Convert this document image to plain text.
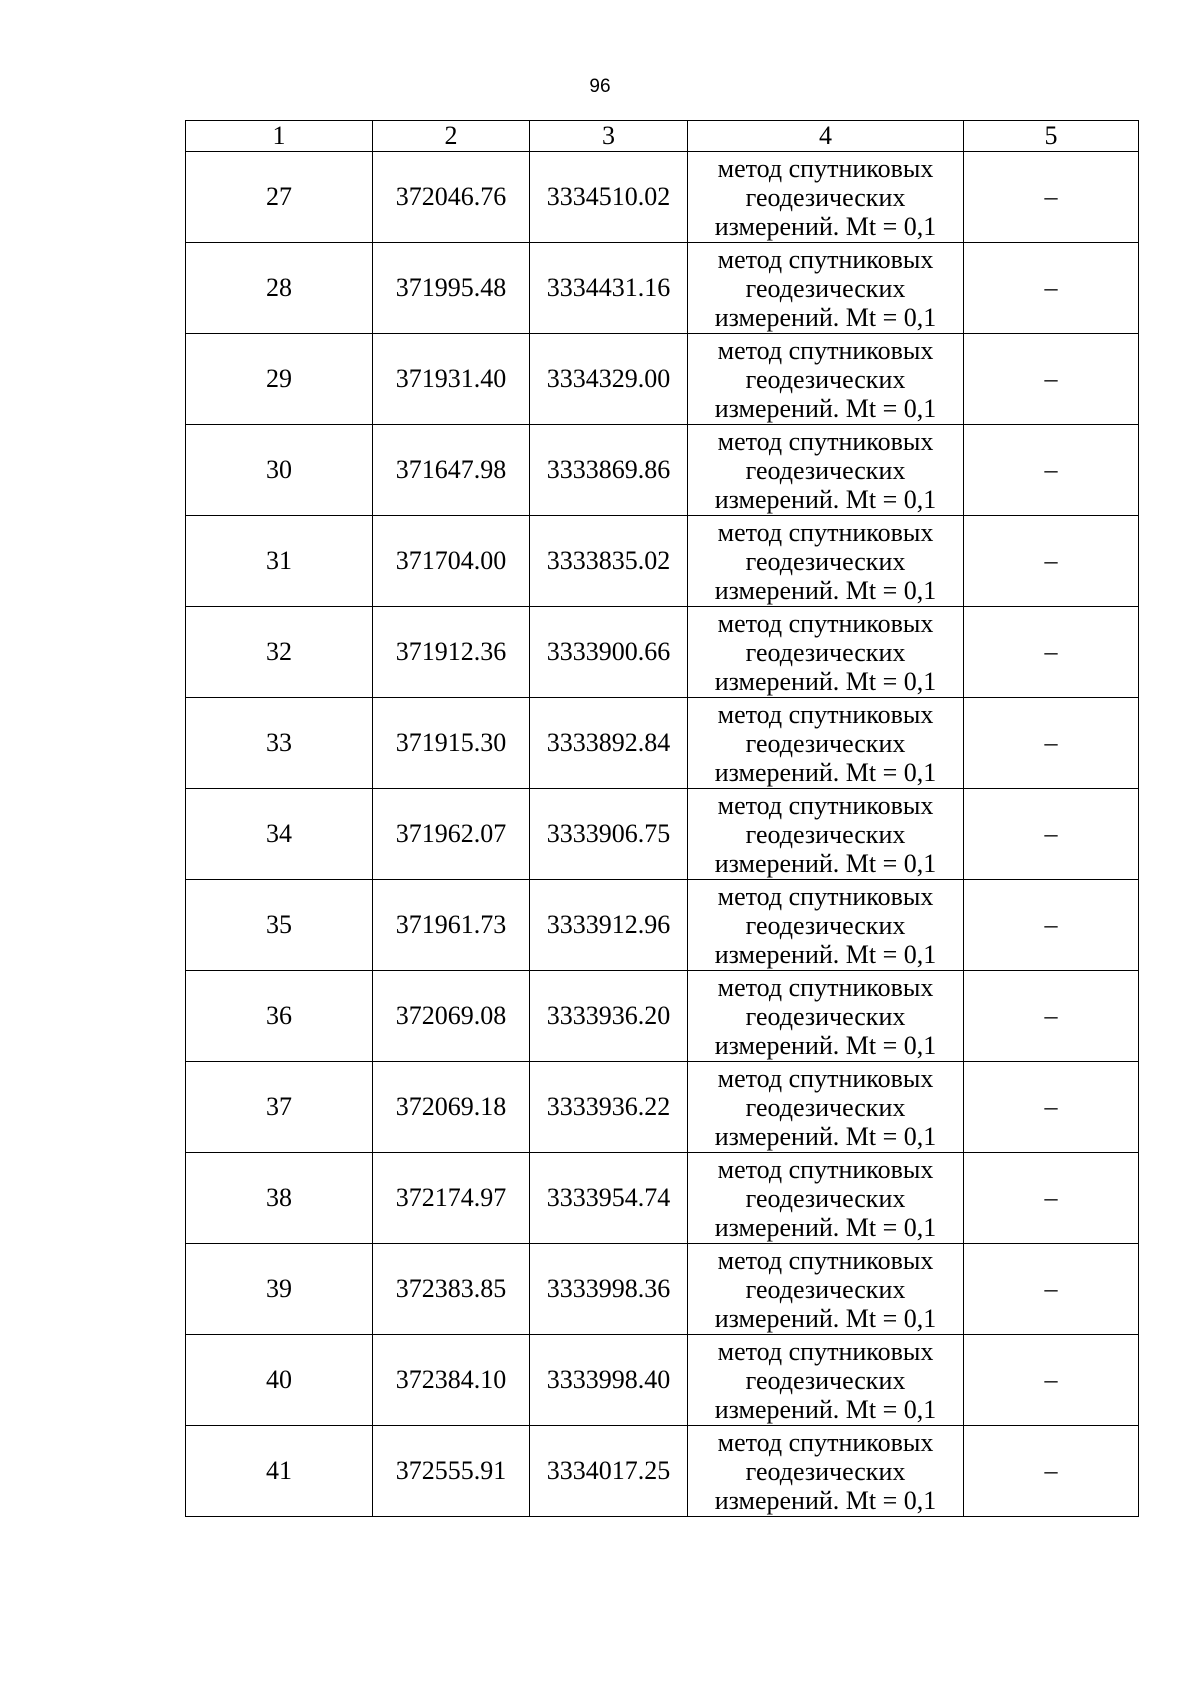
96
1	2	3	4	5
27	372046.76	3334510.02	метод спутниковых
геодезических
измерений. Mt = 0,1	–
28	371995.48	3334431.16	метод спутниковых
геодезических
измерений. Mt = 0,1	–
29	371931.40	3334329.00	метод спутниковых
геодезических
измерений. Mt = 0,1	–
30	371647.98	3333869.86	метод спутниковых
геодезических
измерений. Mt = 0,1	–
31	371704.00	3333835.02	метод спутниковых
геодезических
измерений. Mt = 0,1	–
32	371912.36	3333900.66	метод спутниковых
геодезических
измерений. Mt = 0,1	–
33	371915.30	3333892.84	метод спутниковых
геодезических
измерений. Mt = 0,1	–
34	371962.07	3333906.75	метод спутниковых
геодезических
измерений. Mt = 0,1	–
35	371961.73	3333912.96	метод спутниковых
геодезических
измерений. Mt = 0,1	–
36	372069.08	3333936.20	метод спутниковых
геодезических
измерений. Mt = 0,1	–
37	372069.18	3333936.22	метод спутниковых
геодезических
измерений. Mt = 0,1	–
38	372174.97	3333954.74	метод спутниковых
геодезических
измерений. Mt = 0,1	–
39	372383.85	3333998.36	метод спутниковых
геодезических
измерений. Mt = 0,1	–
40	372384.10	3333998.40	метод спутниковых
геодезических
измерений. Mt = 0,1	–
41	372555.91	3334017.25	метод спутниковых
геодезических
измерений. Mt = 0,1	–
